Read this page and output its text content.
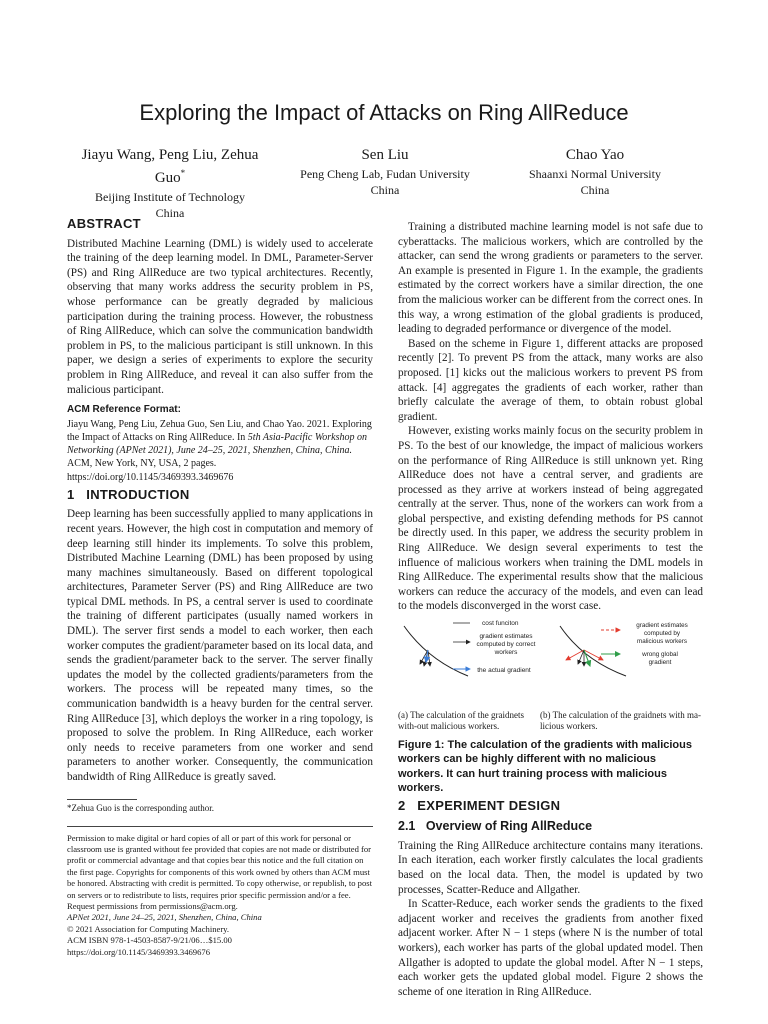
Exploring the Impact of Attacks on Ring AllReduce
Jiayu Wang, Peng Liu, Zehua
Guo*
Beijing Institute of Technology
China
Sen Liu
Peng Cheng Lab, Fudan University
China
Chao Yao
Shaanxi Normal University
China
ABSTRACT

Distributed Machine Learning (DML) is widely used to accelerate the training of the deep learning model. In DML, Parameter-Server (PS) and Ring AllReduce are two typical architectures. Recently, observing that many works address the security problem in PS, whose performance can be greatly degraded by malicious participation during the training process. However, the robustness of Ring AllReduce, which can solve the communication bandwidth problem in PS, to the malicious participant is still unknown. In this paper, we design a series of experiments to explore the security problem in Ring AllReduce, and reveal it can also suffer from the malicious participant.

ACM Reference Format:
Jiayu Wang, Peng Liu, Zehua Guo, Sen Liu, and Chao Yao. 2021. Exploring the Impact of Attacks on Ring AllReduce. In 5th Asia-Pacific Workshop on Networking (APNet 2021), June 24–25, 2021, Shenzhen, China, China. ACM, New York, NY, USA, 2 pages. https://doi.org/10.1145/3469393.3469676
1 INTRODUCTION

Deep learning has been successfully applied to many applications in recent years. However, the high cost in computation and memory of deep learning still hinder its implements. To solve this problem, Distributed Machine Learning (DML) has been proposed by using many machines simultaneously. Based on different topological architectures, Parameter Server (PS) and Ring AllReduce are two typical DML methods. In PS, a central server is used to coordinate the training of different participates (usually named workers in DML). The server first sends a model to each worker, then each worker computes the gradient/parameter based on its local data, and sends the gradient/parameter back to the server. The server finally updates the model by the collected gradients/parameters from the workers. The process will be repeated many times, so the communication bandwidth is a heavy burden for the central server. Ring AllReduce [3], which deploys the worker in a ring topology, is proposed to solve the problem. In Ring AllReduce, each worker only needs to receive parameters from one worker and send parameters to another worker. Consequently, the communication bandwidth of Ring AllReduce is greatly saved.

*Zehua Guo is the corresponding author.
Permission to make digital or hard copies of all or part of this work for personal or classroom use is granted without fee provided that copies are not made or distributed for profit or commercial advantage and that copies bear this notice and the full citation on the first page. Copyrights for components of this work owned by others than ACM must be honored. Abstracting with credit is permitted. To copy otherwise, or republish, to post on servers or to redistribute to lists, requires prior specific permission and/or a fee. Request permissions from permissions@acm.org.
APNet 2021, June 24–25, 2021, Shenzhen, China, China
© 2021 Association for Computing Machinery.
ACM ISBN 978-1-4503-8587-9/21/06…$15.00
https://doi.org/10.1145/3469393.3469676

Training a distributed machine learning model is not safe due to cyberattacks. The malicious workers, which are controlled by the attacker, can send the wrong gradients or parameters to the server. An example is presented in Figure 1. In the example, the gradients estimated by the correct workers have a similar direction, the one from the malicious worker can be different from the correct ones. In this way, a wrong estimation of the global gradients is produced, leading to degraded performance or divergence of the model.

Based on the scheme in Figure 1, different attacks are proposed recently [2]. To prevent PS from the attack, many works are also proposed. [1] kicks out the malicious workers to prevent PS from attack. [4] aggregates the gradients of each worker, rather than briefly calculate the average of them, to obtain robust global gradient.

However, existing works mainly focus on the security problem in PS. To the best of our knowledge, the impact of malicious workers on the performance of Ring AllReduce is still unknown yet. Ring AllReduce does not have a central server, and gradients are processed as they arrive at workers instead of being aggregated centrally at the server. Thus, none of the workers can work from a global perspective, and existing defending methods for PS cannot be directly used. In this paper, we address the security problem in Ring AllReduce. We design several experiments to test the influence of malicious workers when training the DML models in Ring AllReduce. The experimental results show that the malicious workers can reduce the accuracy of the models, and even can lead to the models disconverged in the worst case.

cost funciton
gradient estimates
computed by correct
workers
the actual gradient
gradient estimates
computed by
malicious workers
wrong global
gradient
(a) The calculation of the graidnets with-out malicious workers.
(b) The calculation of the graidnets with ma-licious workers.
Figure 1: The calculation of the gradients with malicious workers can be highly different with no malicious workers. It can hurt training process with malicious workers.
2 EXPERIMENT DESIGN
2.1 Overview of Ring AllReduce

Training the Ring AllReduce architecture contains many iterations. In each iteration, each worker firstly calculates the local gradients based on the local data. Then, the model is updated by two processes, Scatter-Reduce and Allgather.

In Scatter-Reduce, each worker sends the gradients to the fixed adjacent worker and receives the gradients from another fixed adjacent worker. After N − 1 steps (where N is the number of total workers), each worker has parts of the global updated model. Then Allgather is adopted to update the global model. After N − 1 steps, each worker gets the updated global model. Figure 2 shows the scheme of one iteration in Ring AllReduce.
